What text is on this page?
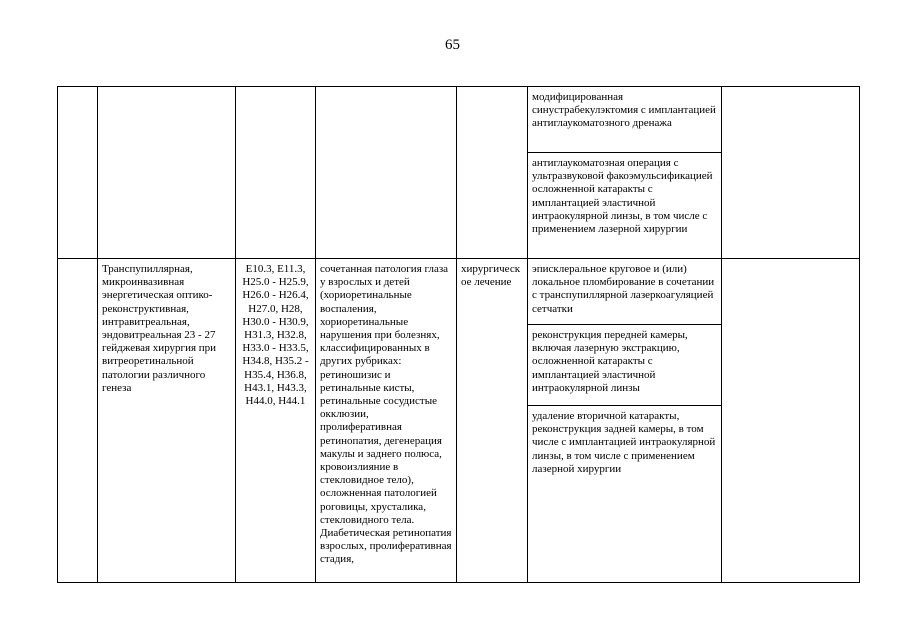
65
					модифицированная синустрабекулэктомия с имплантацией антиглаукоматозного дренажа	
					антиглаукоматозная операция с ультразвуковой факоэмульсификацией осложненной катаракты с имплантацией эластичной интраокулярной линзы, в том числе с применением лазерной хирургии	
	Транспупиллярная, микроинвазивная энергетическая оптико-реконструктивная, интравитреальная, эндовитреальная 23 - 27 гейджевая хирургия при витреоретинальной патологии различного генеза	E10.3, E11.3, H25.0 - H25.9, H26.0 - H26.4, H27.0, H28, H30.0 - H30.9, H31.3, H32.8, H33.0 - H33.5, H34.8, H35.2 - H35.4, H36.8, H43.1, H43.3, H44.0, H44.1	сочетанная патология глаза у взрослых и детей (хориоретинальные воспаления, хориоретинальные нарушения при болезнях, классифицированных в других рубриках: ретиношизис и ретинальные кисты, ретинальные сосудистые окклюзии, пролиферативная ретинопатия, дегенерация макулы и заднего полюса, кровоизлияние в стекловидное тело), осложненная патологией роговицы, хрусталика, стекловидного тела. Диабетическая ретинопатия взрослых, пролиферативная стадия,	хирургическое лечение	эписклеральное круговое и (или) локальное пломбирование в сочетании с транспупиллярной лазеркоагуляцией сетчатки	
					реконструкция передней камеры, включая лазерную экстракцию, осложненной катаракты с имплантацией эластичной интраокулярной линзы	
					удаление вторичной катаракты, реконструкция задней камеры, в том числе с имплантацией интраокулярной линзы, в том числе с применением лазерной хирургии	
